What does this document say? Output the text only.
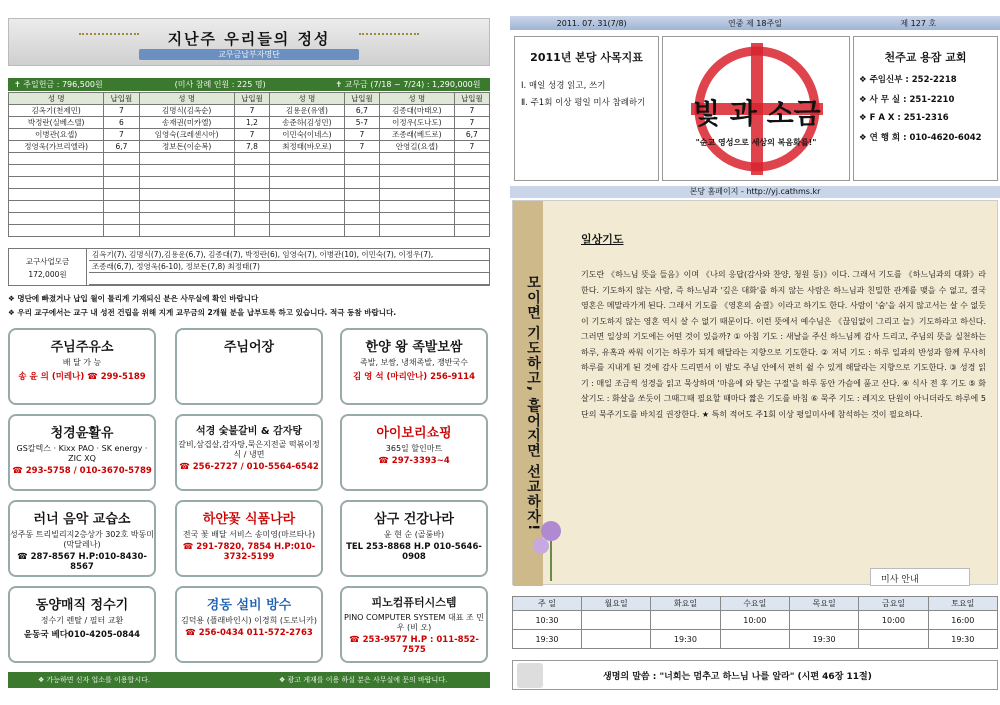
지난주 우리들의 정성
교무금납부자명단
✝ 주일헌금 : 796,500원	(미사 참례 인원 : 225 명)	✝ 교무금 (7/18 ~ 7/24) : 1,290,000원
성 명	납입월	성 명	납입월	성 명	납입월	성 명	납입월
김옥기(천제민)	7	김명식(김옥순)	7	김용운(유엠)	6,7	김종대(마태오)	7
박정란(실베스텔)	6	송재권(미카엘)	1,2	송준하(김성민)	5-7	이정우(도나도)	7
이병관(요셉)	7	임영숙(크레센시아)	7	이민숙(이네스)	7	조종래(베드로)	6,7
정영욱(가브리엘라)	6,7	정보돈(이순복)	7,8	최정태(바오로)	7	안영길(요셉)	7

교구사업모금
172,000원
김옥기(7), 김명식(7),김용운(6,7), 김종대(7), 박정란(6), 임영숙(7), 이병관(10), 이민숙(7), 이정우(7),
조종래(6,7), 정영욱(6-10), 정보돈(7,8) 최정태(7)
❖ 명단에 빠졌거나 납입 월이 틀리게 기재되신 분은 사무실에 확인 바랍니다
❖ 우리 교구에서는 교구 내 성전 건립을 위해 지게 교무금의 2개월 분을 납부토록 하고 있습니다. 적극 동참 바랍니다.
주님주유소
배 달 가 능
송 윤 의 (미레나) ☎ 299-5189
주님어장	한양 왕 족발보쌈
족발, 보쌈, 냉채족발, 쟁반국수
김 영 석 (마리안나) 256-9114
청경윤활유
GS칼텍스 · Kixx PAO · SK energy · ZIC XQ
☎ 293-5758 / 010-3670-5789
석경 숯불갈비 & 감자탕
갈비,삼겹살,감자탕,묵은지전골 떡볶이정식 / 냉면
☎ 256-2727 / 010-5564-6542
아이보리쇼핑
365일 할인마트
☎ 297-3393~4
러너 음악 교습소
성주동 트리빌리지2층상가 302호 박동미(막달레나)
☎ 287-8567 H.P:010-8430-8567
하얀꽃 식품나라
전국 꽃 배달 서비스 송미영(마르타나)
☎ 291-7820, 7854 H.P:010-3732-5199
삼구 건강나라
윤 현 순 (골룸바)
TEL 253-8868 H.P 010-5646-0908
동양매직 정수기
정수기 렌탈 / 필터 교환
윤동국 베다010-4205-0844
경동 설비 방수
김덕용 (플래바인시) 이경희 (도로니카)
☎ 256-0434 011-572-2763
피노컴퓨터시스템
PINO COMPUTER SYSTEM 대표 조 민 우 (비 오)
☎ 253-9577 H.P : 011-852-7575
❖ 가능하면 신자 업소를 이용합시다.	❖ 광고 게재를 이용 하실 분은 사무실에 문의 바랍니다.
2011. 07. 31(7/8)	연중 제 18주일	제 127 호
2011년 본당 사목지표

Ⅰ. 매일 성경 읽고, 쓰기

Ⅱ. 주1회 이상 평일 미사 참례하기	빛 과 소금
"순교 영성으로 세상의 복음화를!"
천주교 용잠 교회
❖ 주임신부 : 252-2218
❖ 사 무 실 : 251-2210
❖ F A X : 251-2316
❖ 연 행 회 : 010-4620-6042
본당 홈페이지 - http://yj.cathms.kr
모이면 기도하고, 흩어지면 선교하자!
일상기도
기도란 《하느님 뜻을 들음》이며 《나의 응답(감사와 찬양, 청원 등)》이다. 그래서 기도를 《하느님과의 대화》라 한다. 기도하지 않는 사람, 즉 하느님과 '깊은 대화'를 하지 않는 사람은 하느님과 친밀한 관계를 맺을 수 없고, 결국 영혼은 메말라가게 된다. 그래서 기도를 《영혼의 숨결》이라고 하기도 한다. 사람이 '숨'을 쉬지 않고서는 살 수 없듯이 기도하지 않는 영혼 역시 살 수 없기 때문이다. 이런 뜻에서 예수님은 《끊임없이 그리고 늘》기도하라고 하신다. 그러면 일상의 기도에는 어떤 것이 있을까? ① 아침 기도 : 새날을 주신 하느님께 감사 드리고, 주님의 뜻을 실천하는 하루, 유혹과 싸워 이기는 하루가 되게 해달라는 지향으로 기도한다. ② 저녁 기도 : 하루 일과의 반성과 함께 무사히 하루를 지내게 된 것에 감사 드리면서 이 밤도 주님 안에서 편히 쉴 수 있게 해달라는 지향으로 기도한다. ③ 성경 읽기 : 매일 조금씩 성경을 읽고 묵상하며 '마음에 와 닿는 구절'을 하루 동안 가슴에 품고 산다. ④ 식사 전 후 기도 ⑤ 화살기도 : 화살을 쏘듯이 그때그때 필요할 때마다 짧은 기도를 바침 ⑥ 묵주 기도 : 레지오 단원이 아니더라도 하루에 5단의 묵주기도를 바치길 권장한다. ★ 특히 적어도 주1회 이상 평일미사에 참석하는 것이 필요하다.
미사 안내
주 일	월요일	화요일	수요일	목요일	금요일	토요일
10:30			10:00		10:00	16:00
19:30		19:30		19:30		19:30
생명의 말씀 : "너희는 멈추고 하느님 나를 알라" (시편 46장 11절)
